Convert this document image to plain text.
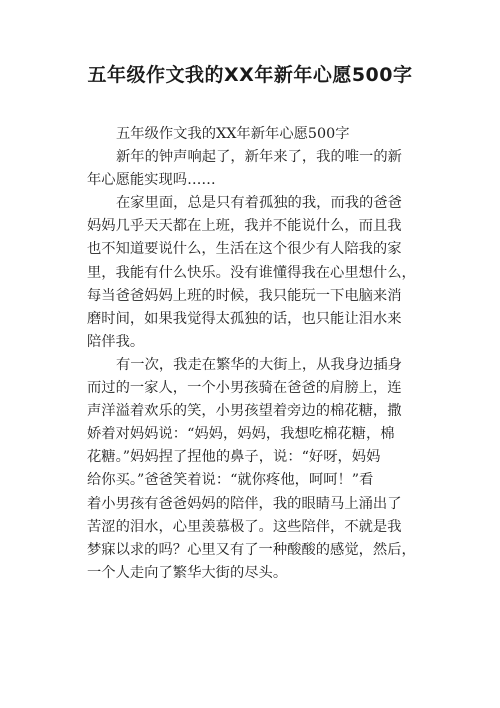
五年级作文我的XX年新年心愿500字
五年级作文我的XX年新年心愿500字
新年的钟声响起了，新年来了，我的唯一的新
年心愿能实现吗……
在家里面，总是只有着孤独的我，而我的爸爸
妈妈几乎天天都在上班，我并不能说什么，而且我
也不知道要说什么，生活在这个很少有人陪我的家
里，我能有什么快乐。没有谁懂得我在心里想什么，
每当爸爸妈妈上班的时候，我只能玩一下电脑来消
磨时间，如果我觉得太孤独的话，也只能让泪水来
陪伴我。
有一次，我走在繁华的大街上，从我身边插身
而过的一家人，一个小男孩骑在爸爸的肩膀上，连
声洋溢着欢乐的笑，小男孩望着旁边的棉花糖，撒
娇着对妈妈说：“妈妈，妈妈，我想吃棉花糖，棉
花糖。”妈妈捏了捏他的鼻子，说：“好呀，妈妈
给你买。”爸爸笑着说：“就你疼他，呵呵！”看
着小男孩有爸爸妈妈的陪伴，我的眼睛马上涌出了
苦涩的泪水，心里羡慕极了。这些陪伴，不就是我
梦寐以求的吗？心里又有了一种酸酸的感觉，然后，
一个人走向了繁华大街的尽头。
